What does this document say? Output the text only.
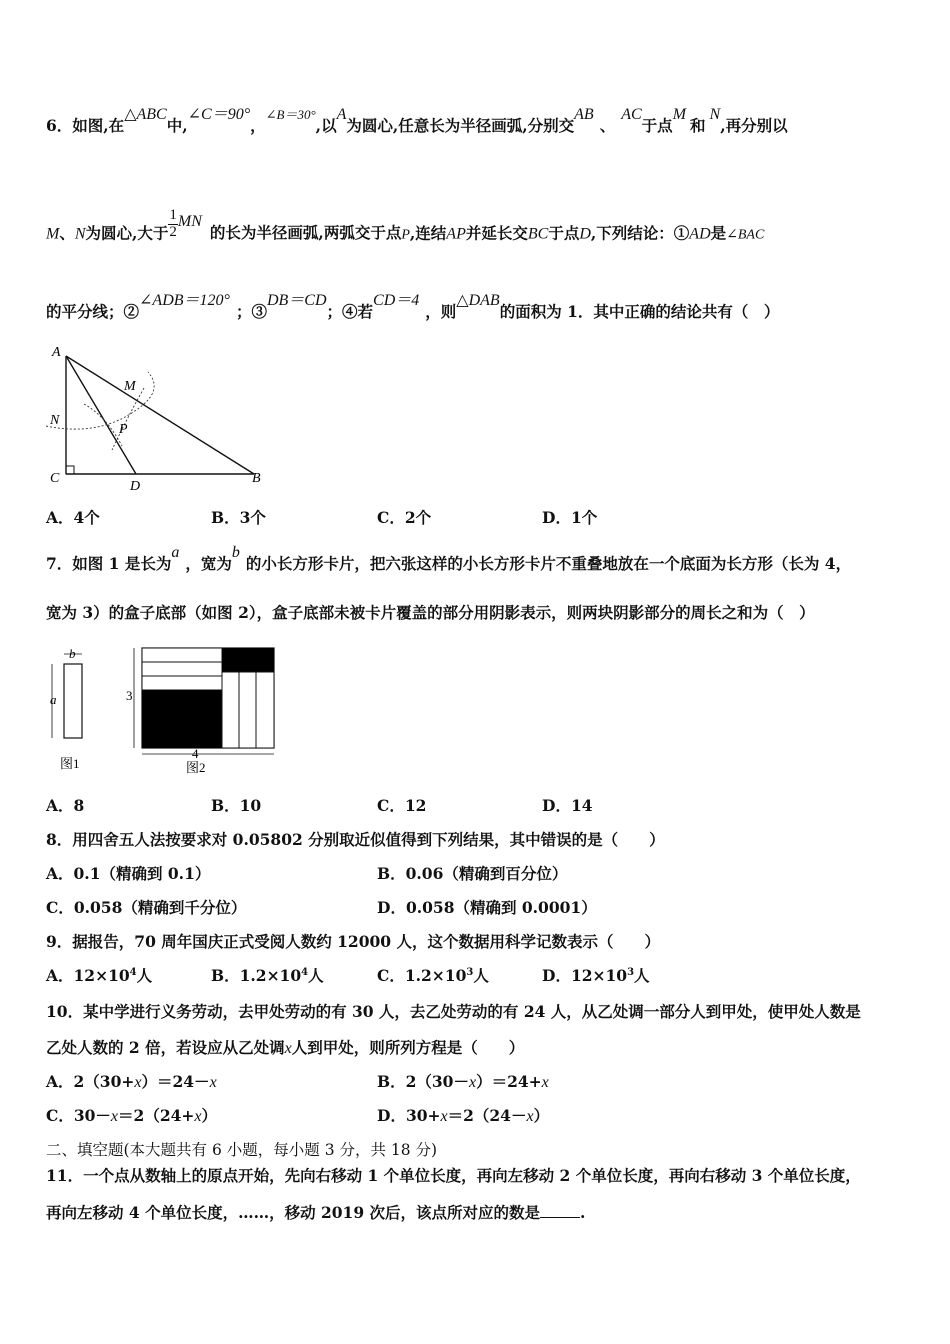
6．如图,在△ABC中,∠C＝90°，$^{\angle B=30^\circ}$,以A为圆心,任意长为半径画弧,分别交AB、AC于点M和N,再分别以
M、N为圆心,大于 $\frac{1}{2}$ MN的长为半径画弧,两弧交于点P,连结AP并延长交BC于点D,下列结论：①AD是∠BAC
的平分线；②∠ADB＝120°；③DB＝CD；④若CD＝4，则△DAB的面积为 1．其中正确的结论共有（　）
A
M
N
P
C
D
B
A．4个	B．3个	C．2个	D．1个
7．如图 1 是长为a，宽为b的小长方形卡片，把六张这样的小长方形卡片不重叠地放在一个底面为长方形（长为 4，
宽为 3）的盒子底部（如图 2），盒子底部未被卡片覆盖的部分用阴影表示，则两块阴影部分的周长之和为（　）
b
a
图1
3
4
图2
A．8	B．10	C．12	D．14
8．用四舍五人法按要求对 0.05802 分别取近似值得到下列结果，其中错误的是（　　）
A．0.1（精确到 0.1）	B．0.06（精确到百分位）
C．0.058（精确到千分位）	D．0.058（精确到 0.0001）
9．据报告，70 周年国庆正式受阅人数约 12000 人，这个数据用科学记数表示（　　）
A．$12\times 10^4$人	B．$1.2\times 10^4$人	C．$1.2\times 10^3$人	D．$12\times 10^3$人
10．某中学进行义务劳动，去甲处劳动的有 30 人，去乙处劳动的有 24 人，从乙处调一部分人到甲处，使甲处人数是
乙处人数的 2 倍，若设应从乙处调x人到甲处，则所列方程是（　　）
A．2（30+x）＝24－x	B．2（30－x）＝24+x
C．30－x＝2（24+x）	D．30+x＝2（24－x）
二、填空题(本大题共有 6 小题，每小题 3 分，共 18 分)
11．一个点从数轴上的原点开始，先向右移动 1 个单位长度，再向左移动 2 个单位长度，再向右移动 3 个单位长度，
再向左移动 4 个单位长度，……，移动 2019 次后，该点所对应的数是	.
